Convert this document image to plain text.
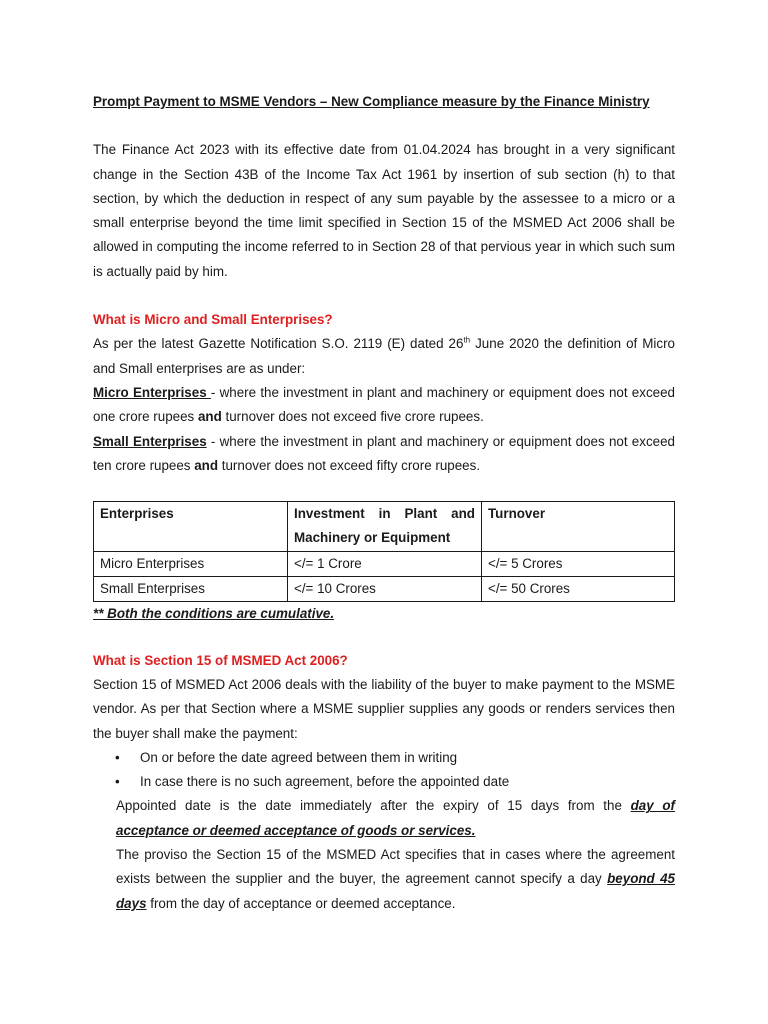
Prompt Payment to MSME Vendors – New Compliance measure by the Finance Ministry

The Finance Act 2023 with its effective date from 01.04.2024 has brought in a very significant change in the Section 43B of the Income Tax Act 1961 by insertion of sub section (h) to that section, by which the deduction in respect of any sum payable by the assessee to a micro or a small enterprise beyond the time limit specified in Section 15 of the MSMED Act 2006 shall be allowed in computing the income referred to in Section 28 of that pervious year in which such sum is actually paid by him.

What is Micro and Small Enterprises?

As per the latest Gazette Notification S.O. 2119 (E) dated 26th June 2020 the definition of Micro and Small enterprises are as under:

Micro Enterprises - where the investment in plant and machinery or equipment does not exceed one crore rupees and turnover does not exceed five crore rupees.

Small Enterprises - where the investment in plant and machinery or equipment does not exceed ten crore rupees and turnover does not exceed fifty crore rupees.

Enterprises	Investment in Plant and Machinery or Equipment	Turnover
Micro Enterprises	</= 1 Crore	</= 5 Crores
Small Enterprises	</= 10 Crores	</= 50 Crores
** Both the conditions are cumulative.
What is Section 15 of MSMED Act 2006?

Section 15 of MSMED Act 2006 deals with the liability of the buyer to make payment to the MSME vendor. As per that Section where a MSME supplier supplies any goods or renders services then the buyer shall make the payment:

• On or before the date agreed between them in writing
• In case there is no such agreement, before the appointed date

Appointed date is the date immediately after the expiry of 15 days from the day of acceptance or deemed acceptance of goods or services.

The proviso the Section 15 of the MSMED Act specifies that in cases where the agreement exists between the supplier and the buyer, the agreement cannot specify a day beyond 45 days from the day of acceptance or deemed acceptance.
